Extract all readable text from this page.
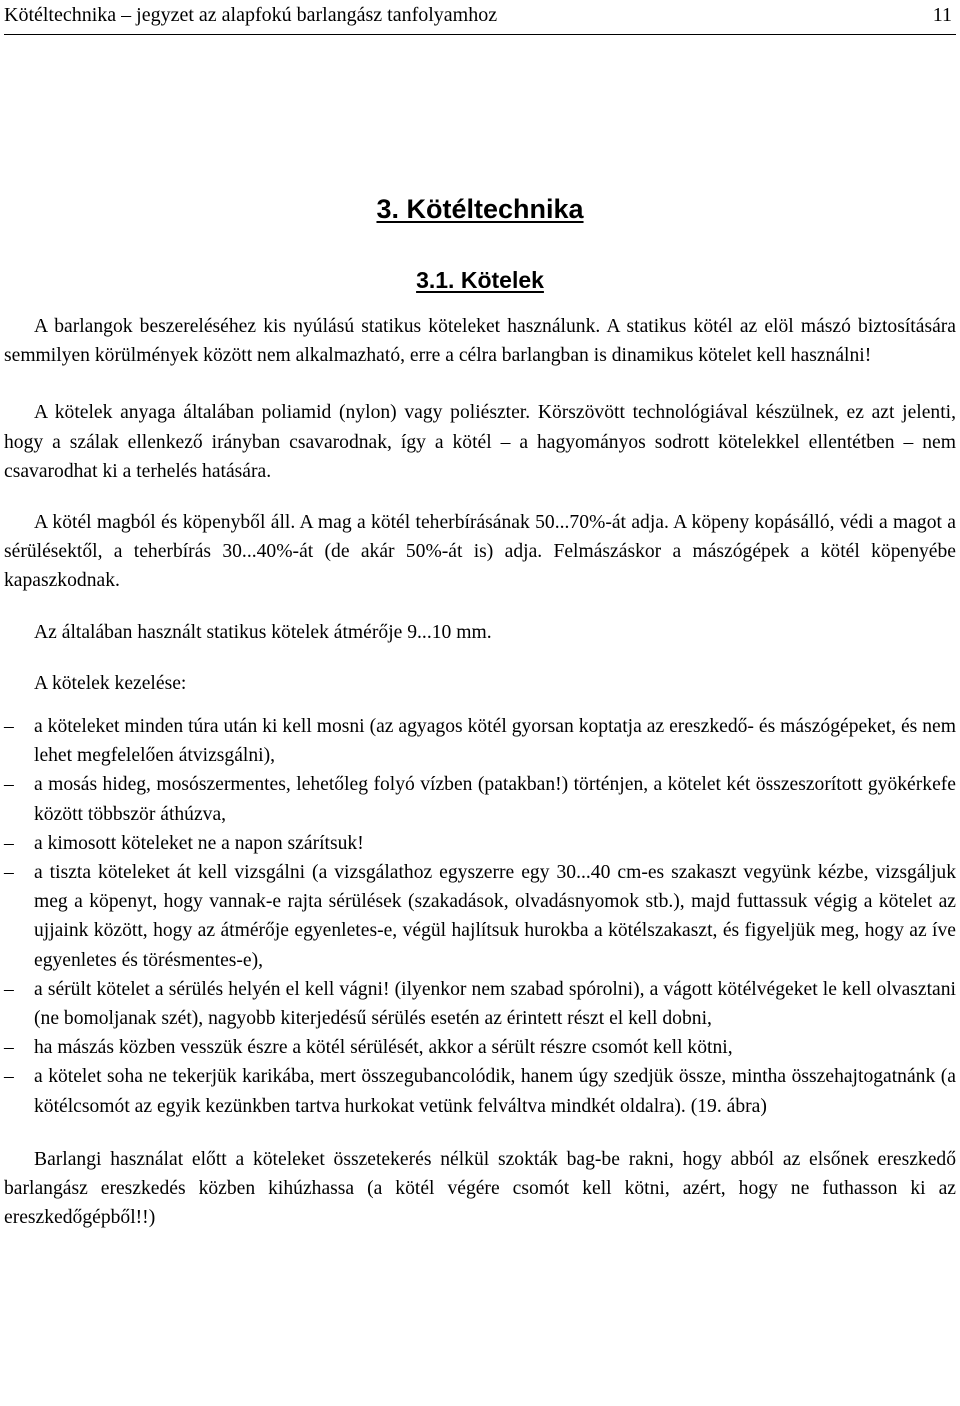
Kötéltechnika – jegyzet az alapfokú barlangász tanfolyamhoz	11
3. Kötéltechnika
3.1. Kötelek

A barlangok beszereléséhez kis nyúlású statikus köteleket használunk. A statikus kötél az elöl mászó biztosítására semmilyen körülmények között nem alkalmazható, erre a célra barlangban is dinamikus kötelet kell használni!

A kötelek anyaga általában poliamid (nylon) vagy poliészter. Körszövött technológiával készülnek, ez azt jelenti, hogy a szálak ellenkező irányban csavarodnak, így a kötél – a hagyományos sodrott kötelekkel ellentétben – nem csavarodhat ki a terhelés hatására.

A kötél magból és köpenyből áll. A mag a kötél teherbírásának 50...70%-át adja. A köpeny kopásálló, védi a magot a sérülésektől, a teherbírás 30...40%-át (de akár 50%-át is) adja. Felmászáskor a mászógépek a kötél köpenyébe kapaszkodnak.

Az általában használt statikus kötelek átmérője 9...10 mm.

A kötelek kezelése:

–	a köteleket minden túra után ki kell mosni (az agyagos kötél gyorsan koptatja az ereszkedő- és mászógépeket, és nem lehet megfelelően átvizsgálni),
–	a mosás hideg, mosószermentes, lehetőleg folyó vízben (patakban!) történjen, a kötelet két összeszorított gyökérkefe között többször áthúzva,
–	a kimosott köteleket ne a napon szárítsuk!
–	a tiszta köteleket át kell vizsgálni (a vizsgálathoz egyszerre egy 30...40 cm-es szakaszt vegyünk kézbe, vizsgáljuk meg a köpenyt, hogy vannak-e rajta sérülések (szakadások, olvadásnyomok stb.), majd futtassuk végig a kötelet az ujjaink között, hogy az átmérője egyenletes-e, végül hajlítsuk hurokba a kötélszakaszt, és figyeljük meg, hogy az íve egyenletes és törésmentes-e),
–	a sérült kötelet a sérülés helyén el kell vágni! (ilyenkor nem szabad spórolni), a vágott kötélvégeket le kell olvasztani (ne bomoljanak szét), nagyobb kiterjedésű sérülés esetén az érintett részt el kell dobni,
–	ha mászás közben vesszük észre a kötél sérülését, akkor a sérült részre csomót kell kötni,
–	a kötelet soha ne tekerjük karikába, mert összegubancolódik, hanem úgy szedjük össze, mintha összehajtogatnánk (a kötélcsomót az egyik kezünkben tartva hurkokat vetünk felváltva mindkét oldalra). (19. ábra)

Barlangi használat előtt a köteleket összetekerés nélkül szokták bag-be rakni, hogy abból az elsőnek ereszkedő barlangász ereszkedés közben kihúzhassa (a kötél végére csomót kell kötni, azért, hogy ne futhasson ki az ereszkedőgépből!!)
